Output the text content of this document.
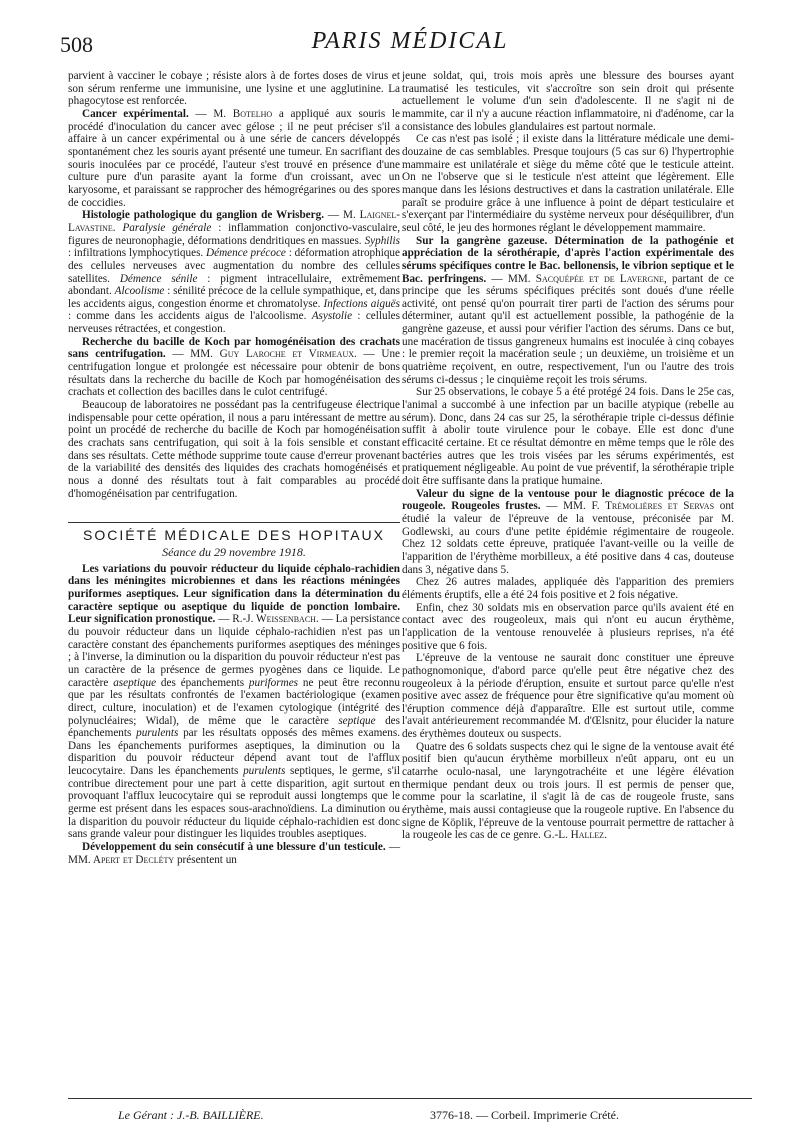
508	PARIS MÉDICAL

parvient à vacciner le cobaye ; résiste alors à de fortes doses de virus et son sérum renferme une immunisine, une lysine et une agglutinine. La phagocytose est renforcée.

Cancer expérimental. — M. Botelho a appliqué aux souris le procédé d'inoculation du cancer avec gélose ; il ne peut préciser s'il a affaire à un cancer expérimental ou à une série de cancers développés spontanément chez les souris ayant présenté une tumeur. En sacrifiant des souris inoculées par ce procédé, l'auteur s'est trouvé en présence d'une culture pure d'un parasite ayant la forme d'un croissant, avec un karyosome, et paraissant se rapprocher des hémogrégarines ou des spores de coccidies.

Histologie pathologique du ganglion de Wrisberg. — M. Laignel-Lavastine. Paralysie générale : inflammation conjonctivo-vasculaire, figures de neuronophagie, déformations dendritiques en massues. Syphilis : infiltrations lymphocytiques. Démence précoce : déformation atrophique des cellules nerveuses avec augmentation du nombre des cellules satellites. Démence sénile : pigment intracellulaire, extrêmement abondant. Alcoolisme : sénilité précoce de la cellule sympathique, et, dans les accidents aigus, congestion énorme et chromatolyse. Infections aiguës : comme dans les accidents aigus de l'alcoolisme. Asystolie : cellules nerveuses rétractées, et congestion.

Recherche du bacille de Koch par homogénéisation des crachats sans centrifugation. — MM. Guy Laroche et Virmeaux. — Une centrifugation longue et prolongée est nécessaire pour obtenir de bons résultats dans la recherche du bacille de Koch par homogénéisation des crachats et collection des bacilles dans le culot centrifugé.

Beaucoup de laboratoires ne possédant pas la centrifugeuse électrique indispensable pour cette opération, il nous a paru intéressant de mettre au point un procédé de recherche du bacille de Koch par homogénéisation des crachats sans centrifugation, qui soit à la fois sensible et constant dans ses résultats. Cette méthode supprime toute cause d'erreur provenant de la variabilité des densités des liquides des crachats homogénéisés et nous a donné des résultats tout à fait comparables au procédé d'homogénéisation par centrifugation.

SOCIÉTÉ MÉDICALE DES HOPITAUX

Séance du 29 novembre 1918.

Les variations du pouvoir réducteur du liquide céphalo-rachidien dans les méningites microbiennes et dans les réactions méningées puriformes aseptiques. Leur signification dans la détermination du caractère septique ou aseptique du liquide de ponction lombaire. Leur signification pronostique. — R.-J. Weissenbach. — La persistance du pouvoir réducteur dans un liquide céphalo-rachidien n'est pas un caractère constant des épanchements puriformes aseptiques des méninges ; à l'inverse, la diminution ou la disparition du pouvoir réducteur n'est pas un caractère de la présence de germes pyogènes dans ce liquide. Le caractère aseptique des épanchements puriformes ne peut être reconnu que par les résultats confrontés de l'examen bactériologique (examen direct, culture, inoculation) et de l'examen cytologique (intégrité des polynucléaires; Widal), de même que le caractère septique des épanchements purulents par les résultats opposés des mêmes examens. Dans les épanchements puriformes aseptiques, la diminution ou la disparition du pouvoir réducteur dépend avant tout de l'afflux leucocytaire. Dans les épanchements purulents septiques, le germe, s'il contribue directement pour une part à cette disparition, agit surtout en provoquant l'afflux leucocytaire qui se reproduit aussi longtemps que le germe est présent dans les espaces sous-arachnoïdiens. La diminution ou la disparition du pouvoir réducteur du liquide céphalo-rachidien est donc sans grande valeur pour distinguer les liquides troubles aseptiques.

Développement du sein consécutif à une blessure d'un testicule. — MM. Apert et Decléty présentent un

jeune soldat, qui, trois mois après une blessure des bourses ayant traumatisé les testicules, vit s'accroître son sein droit qui présente actuellement le volume d'un sein d'adolescente. Il ne s'agit ni de mammite, car il n'y a aucune réaction inflammatoire, ni d'adénome, car la consistance des lobules glandulaires est partout normale.

Ce cas n'est pas isolé ; il existe dans la littérature médicale une demi-douzaine de cas semblables. Presque toujours (5 cas sur 6) l'hypertrophie mammaire est unilatérale et siège du même côté que le testicule atteint. On ne l'observe que si le testicule n'est atteint que légèrement. Elle manque dans les lésions destructives et dans la castration unilatérale. Elle paraît se produire grâce à une influence à point de départ testiculaire et s'exerçant par l'intermédiaire du système nerveux pour déséquilibrer, d'un seul côté, le jeu des hormones réglant le développement mammaire.

Sur la gangrène gazeuse. Détermination de la pathogénie et appréciation de la sérothérapie, d'après l'action expérimentale des sérums spécifiques contre le Bac. bellonensis, le vibrion septique et le Bac. perfringens. — MM. Sacquépée et de Lavergne, partant de ce principe que les sérums spécifiques précités sont doués d'une réelle activité, ont pensé qu'on pourrait tirer parti de l'action des sérums pour déterminer, autant qu'il est actuellement possible, la pathogénie de la gangrène gazeuse, et aussi pour vérifier l'action des sérums. Dans ce but, une macération de tissus gangreneux humains est inoculée à cinq cobayes : le premier reçoit la macération seule ; un deuxième, un troisième et un quatrième reçoivent, en outre, respectivement, l'un ou l'autre des trois sérums ci-dessus ; le cinquième reçoit les trois sérums.

Sur 25 observations, le cobaye 5 a été protégé 24 fois. Dans le 25e cas, l'animal a succombé à une infection par un bacille atypique (rebelle au sérum). Donc, dans 24 cas sur 25, la sérothérapie triple ci-dessus définie suffit à abolir toute virulence pour le cobaye. Elle est donc d'une efficacité certaine. Et ce résultat démontre en même temps que le rôle des bactéries autres que les trois visées par les sérums expérimentés, est pratiquement négligeable. Au point de vue préventif, la sérothérapie triple doit être suffisante dans la pratique humaine.

Valeur du signe de la ventouse pour le diagnostic précoce de la rougeole. Rougeoles frustes. — MM. F. Trémolières et Servas ont étudié la valeur de l'épreuve de la ventouse, préconisée par M. Godlewski, au cours d'une petite épidémie régimentaire de rougeole. Chez 12 soldats cette épreuve, pratiquée l'avant-veille ou la veille de l'apparition de l'érythème morbilleux, a été positive dans 4 cas, douteuse dans 3, négative dans 5.

Chez 26 autres malades, appliquée dès l'apparition des premiers éléments éruptifs, elle a été 24 fois positive et 2 fois négative.

Enfin, chez 30 soldats mis en observation parce qu'ils avaient été en contact avec des rougeoleux, mais qui n'ont eu aucun érythème, l'application de la ventouse renouvelée à plusieurs reprises, n'a été positive que 6 fois.

L'épreuve de la ventouse ne saurait donc constituer une épreuve pathognomonique, d'abord parce qu'elle peut être négative chez des rougeoleux à la période d'éruption, ensuite et surtout parce qu'elle n'est positive avec assez de fréquence pour être significative qu'au moment où l'éruption commence déjà d'apparaître. Elle est surtout utile, comme l'avait antérieurement recommandée M. d'Œlsnitz, pour élucider la nature des érythèmes douteux ou suspects.

Quatre des 6 soldats suspects chez qui le signe de la ventouse avait été positif bien qu'aucun érythème morbilleux n'eût apparu, ont eu un catarrhe oculo-nasal, une laryngotrachéite et une légère élévation thermique pendant deux ou trois jours. Il est permis de penser que, comme pour la scarlatine, il s'agit là de cas de rougeole fruste, sans érythème, mais aussi contagieuse que la rougeole ruptive. En l'absence du signe de Köplik, l'épreuve de la ventouse pourrait permettre de rattacher à la rougeole les cas de ce genre. G.-L. Hallez.

Le Gérant : J.-B. BAILLIÈRE.	3776-18. — Corbeil. Imprimerie Crété.
